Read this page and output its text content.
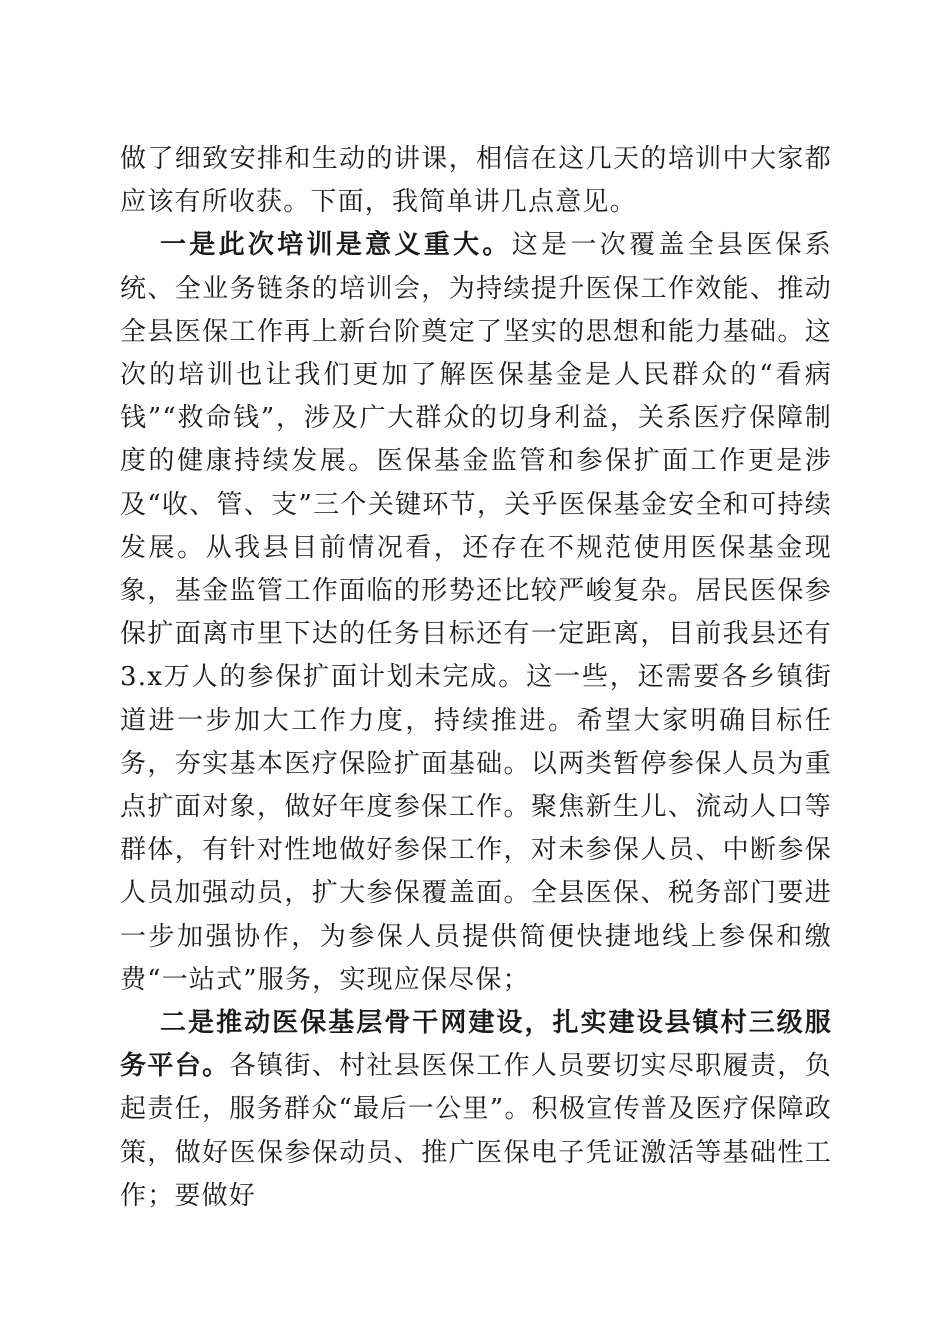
做了细致安排和生动的讲课，相信在这几天的培训中大家都应该有所收获。下面，我简单讲几点意见。

一是此次培训是意义重大。这是一次覆盖全县医保系统、全业务链条的培训会，为持续提升医保工作效能、推动全县医保工作再上新台阶奠定了坚实的思想和能力基础。这次的培训也让我们更加了解医保基金是人民群众的“看病钱”“救命钱”，涉及广大群众的切身利益，关系医疗保障制度的健康持续发展。医保基金监管和参保扩面工作更是涉及“收、管、支”三个关键环节，关乎医保基金安全和可持续发展。从我县目前情况看，还存在不规范使用医保基金现象，基金监管工作面临的形势还比较严峻复杂。居民医保参保扩面离市里下达的任务目标还有一定距离，目前我县还有3.x万人的参保扩面计划未完成。这一些，还需要各乡镇街道进一步加大工作力度，持续推进。希望大家明确目标任务，夯实基本医疗保险扩面基础。以两类暂停参保人员为重点扩面对象，做好年度参保工作。聚焦新生儿、流动人口等群体，有针对性地做好参保工作，对未参保人员、中断参保人员加强动员，扩大参保覆盖面。全县医保、税务部门要进一步加强协作，为参保人员提供简便快捷地线上参保和缴费“一站式”服务，实现应保尽保；

二是推动医保基层骨干网建设，扎实建设县镇村三级服务平台。各镇街、村社县医保工作人员要切实尽职履责，负起责任，服务群众“最后一公里”。积极宣传普及医疗保障政策，做好医保参保动员、推广医保电子凭证激活等基础性工作；要做好
